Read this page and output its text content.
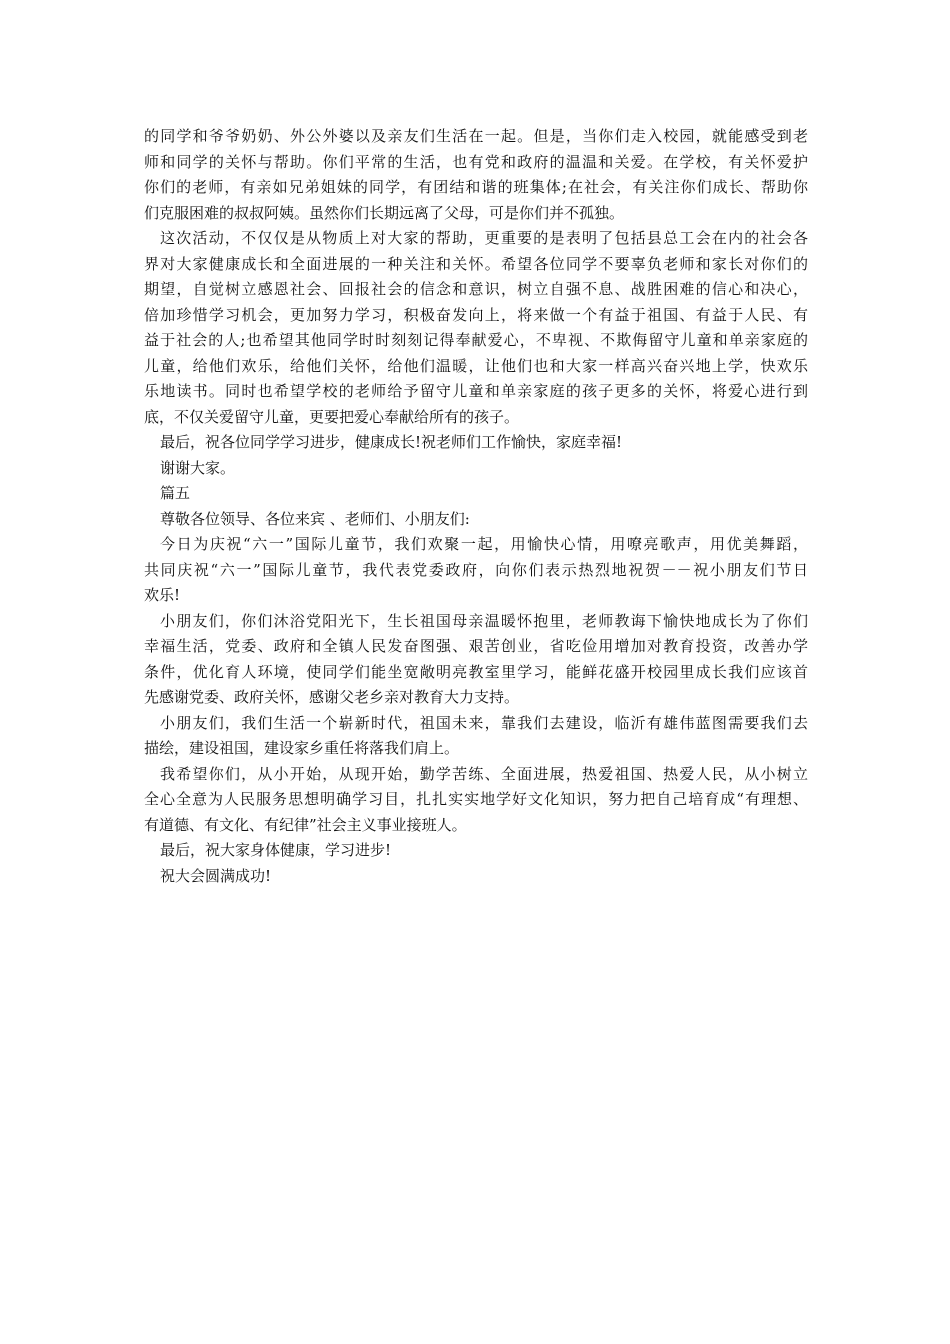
的同学和爷爷奶奶、外公外婆以及亲友们生活在一起。但是，当你们走入校园，就能感受到老
师和同学的关怀与帮助。你们平常的生活，也有党和政府的温温和关爱。在学校，有关怀爱护
你们的老师，有亲如兄弟姐妹的同学，有团结和谐的班集体;在社会，有关注你们成长、帮助你
们克服困难的叔叔阿姨。虽然你们长期远离了父母，可是你们并不孤独。
这次活动，不仅仅是从物质上对大家的帮助，更重要的是表明了包括县总工会在内的社会各
界对大家健康成长和全面进展的一种关注和关怀。希望各位同学不要辜负老师和家长对你们的
期望，自觉树立感恩社会、回报社会的信念和意识，树立自强不息、战胜困难的信心和决心，
倍加珍惜学习机会，更加努力学习，积极奋发向上，将来做一个有益于祖国、有益于人民、有
益于社会的人;也希望其他同学时时刻刻记得奉献爱心，不卑视、不欺侮留守儿童和单亲家庭的
儿童，给他们欢乐，给他们关怀，给他们温暖，让他们也和大家一样高兴奋兴地上学，快欢乐
乐地读书。同时也希望学校的老师给予留守儿童和单亲家庭的孩子更多的关怀，将爱心进行到
底，不仅关爱留守儿童，更要把爱心奉献给所有的孩子。
最后，祝各位同学学习进步，健康成长!祝老师们工作愉快，家庭幸福!
谢谢大家。
篇五
尊敬各位领导、各位来宾 、老师们、小朋友们:
今日为庆祝“六一”国际儿童节，我们欢聚一起，用愉快心情，用嘹亮歌声，用优美舞蹈，
共同庆祝“六一”国际儿童节，我代表党委政府，向你们表示热烈地祝贺－－祝小朋友们节日
欢乐!
小朋友们，你们沐浴党阳光下，生长祖国母亲温暖怀抱里，老师教诲下愉快地成长为了你们
幸福生活，党委、政府和全镇人民发奋图强、艰苦创业，省吃俭用增加对教育投资，改善办学
条件，优化育人环境，使同学们能坐宽敞明亮教室里学习，能鲜花盛开校园里成长我们应该首
先感谢党委、政府关怀，感谢父老乡亲对教育大力支持。
小朋友们，我们生活一个崭新时代，祖国未来，靠我们去建设，临沂有雄伟蓝图需要我们去
描绘，建设祖国，建设家乡重任将落我们肩上。
我希望你们，从小开始，从现开始，勤学苦练、全面进展，热爱祖国、热爱人民，从小树立
全心全意为人民服务思想明确学习目，扎扎实实地学好文化知识，努力把自己培育成“有理想、
有道德、有文化、有纪律”社会主义事业接班人。
最后，祝大家身体健康，学习进步!
祝大会圆满成功!
